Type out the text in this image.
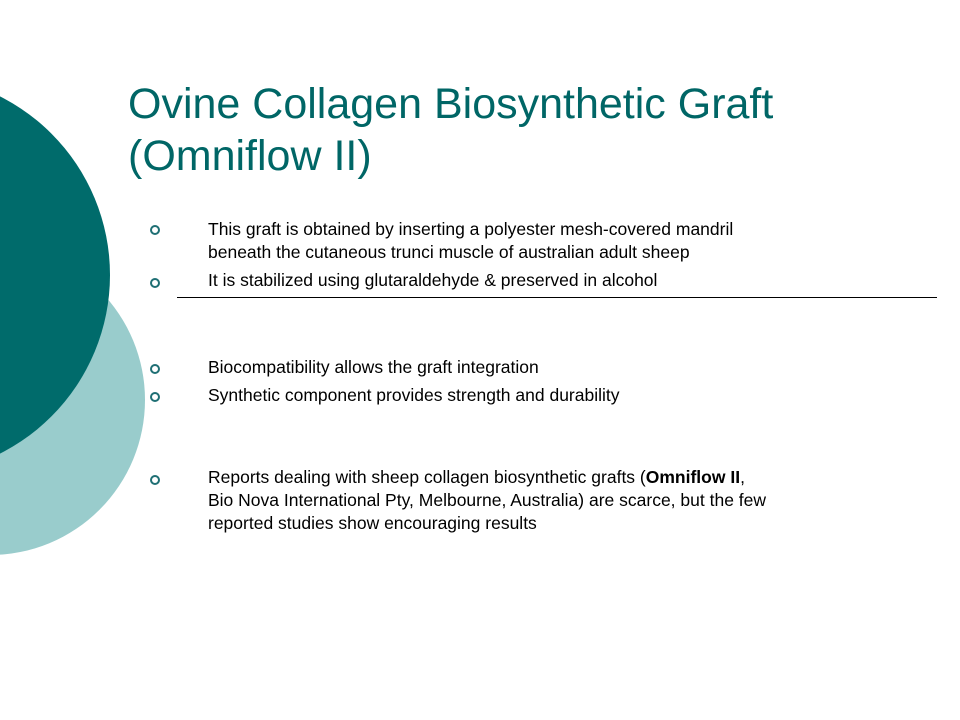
Ovine Collagen Biosynthetic Graft
(Omniflow II)
This graft is obtained by inserting a polyester mesh-covered mandril
beneath the cutaneous trunci muscle of australian adult sheep
It is stabilized using glutaraldehyde & preserved in alcohol
Biocompatibility allows the graft integration
Synthetic component provides strength and durability
Reports dealing with sheep collagen biosynthetic grafts (Omniflow II,
Bio Nova International Pty, Melbourne, Australia) are scarce, but the few
reported studies show encouraging results
